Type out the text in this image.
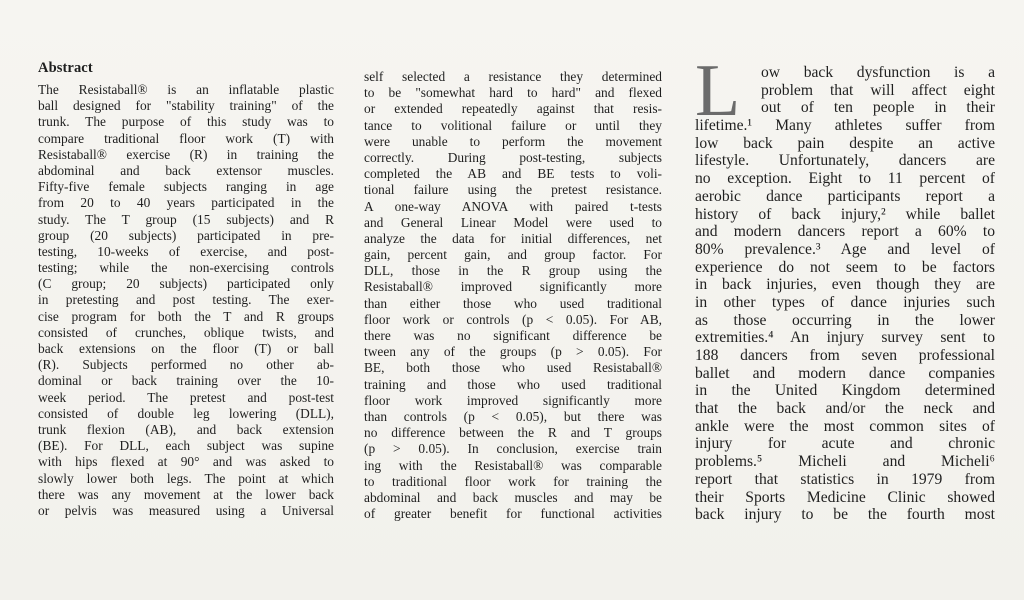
Abstract
The Resistaball® is an inflatable plastic
ball designed for "stability training" of the
trunk. The purpose of this study was to
compare traditional floor work (T) with
Resistaball® exercise (R) in training the
abdominal and back extensor muscles.
Fifty-five female subjects ranging in age
from 20 to 40 years participated in the
study. The T group (15 subjects) and R
group (20 subjects) participated in pre-
testing, 10-weeks of exercise, and post-
testing; while the non-exercising controls
(C group; 20 subjects) participated only
in pretesting and post testing. The exer-
cise program for both the T and R groups
consisted of crunches, oblique twists, and
back extensions on the floor (T) or ball
(R). Subjects performed no other ab-
dominal or back training over the 10-
week period. The pretest and post-test
consisted of double leg lowering (DLL),
trunk flexion (AB), and back extension
(BE). For DLL, each subject was supine
with hips flexed at 90° and was asked to
slowly lower both legs. The point at which
there was any movement at the lower back
or pelvis was measured using a Universal
self selected a resistance they determined
to be "somewhat hard to hard" and flexed
or extended repeatedly against that resis-
tance to volitional failure or until they
were unable to perform the movement
correctly. During post-testing, subjects
completed the AB and BE tests to voli-
tional failure using the pretest resistance.
A one-way ANOVA with paired t-tests
and General Linear Model were used to
analyze the data for initial differences, net
gain, percent gain, and group factor. For
DLL, those in the R group using the
Resistaball® improved significantly more
than either those who used traditional
floor work or controls (p < 0.05). For AB,
there was no significant difference be
tween any of the groups (p > 0.05). For
BE, both those who used Resistaball®
training and those who used traditional
floor work improved significantly more
than controls (p < 0.05), but there was
no difference between the R and T groups
(p > 0.05). In conclusion, exercise train
ing with the Resistaball® was comparable
to traditional floor work for training the
abdominal and back muscles and may be
of greater benefit for functional activities
L	ow back dysfunction is a
problem that will affect eight
out of ten people in their
lifetime.¹ Many athletes suffer from
low back pain despite an active
lifestyle. Unfortunately, dancers are
no exception. Eight to 11 percent of
aerobic dance participants report a
history of back injury,² while ballet
and modern dancers report a 60% to
80% prevalence.³ Age and level of
experience do not seem to be factors
in back injuries, even though they are
in other types of dance injuries such
as those occurring in the lower
extremities.⁴ An injury survey sent to
188 dancers from seven professional
ballet and modern dance companies
in the United Kingdom determined
that the back and/or the neck and
ankle were the most common sites of
injury for acute and chronic
problems.⁵ Micheli and Micheli⁶
report that statistics in 1979 from
their Sports Medicine Clinic showed
back injury to be the fourth most
